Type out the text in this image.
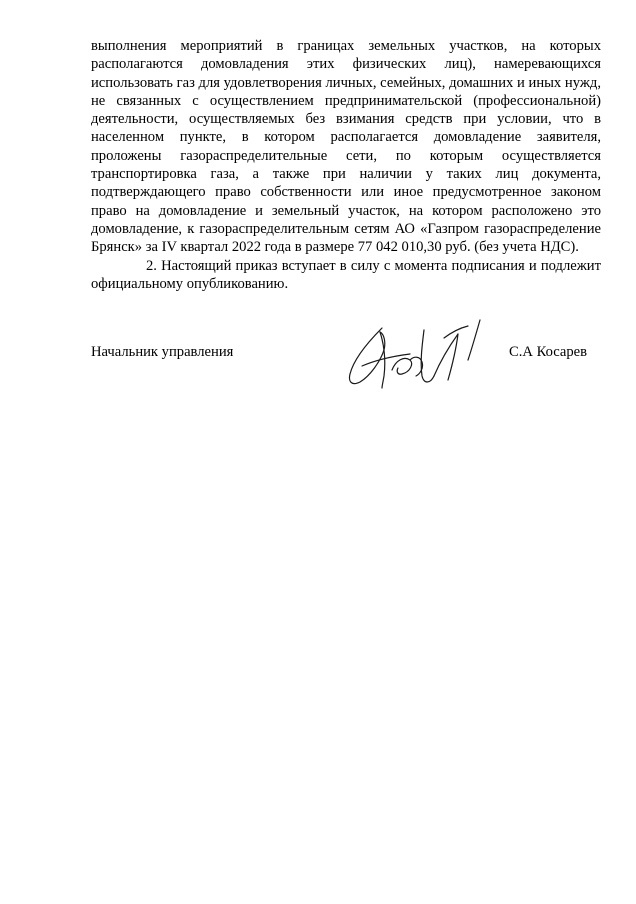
выполнения мероприятий в границах земельных участков, на которых располагаются домовладения этих физических лиц), намеревающихся использовать газ для удовлетворения личных, семейных, домашних и иных нужд, не связанных с осуществлением предпринимательской (профессиональной) деятельности, осуществляемых без взимания средств при условии, что в населенном пункте, в котором располагается домовладение заявителя, проложены газораспределительные сети, по которым осуществляется транспортировка газа, а также при наличии у таких лиц документа, подтверждающего право собственности или иное предусмотренное законом право на домовладение и земельный участок, на котором расположено это домовладение, к газораспределительным сетям АО «Газпром газораспределение Брянск» за IV квартал 2022 года в размере 77 042 010,30 руб. (без учета НДС).

2. Настоящий приказ вступает в силу с момента подписания и подлежит официальному опубликованию.

Начальник управления	С.А Косарев
